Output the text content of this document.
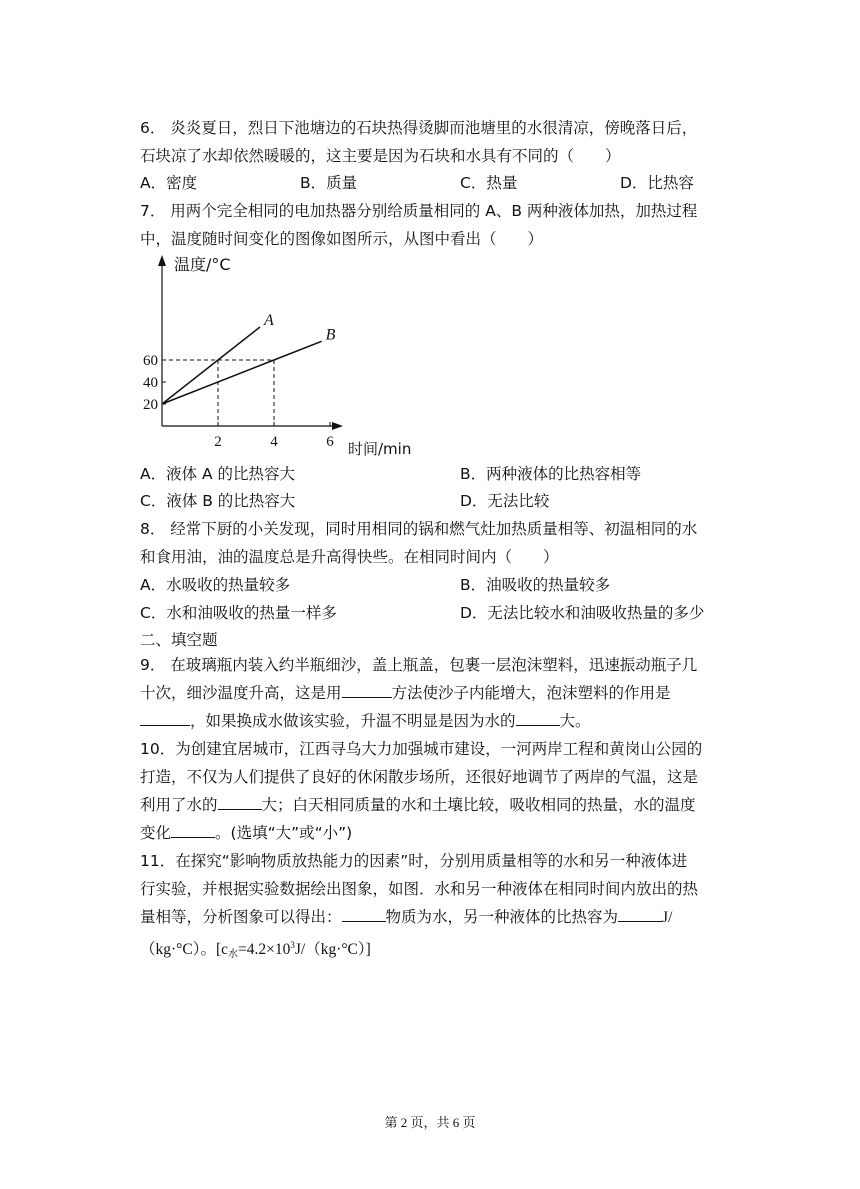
6． 炎炎夏日，烈日下池塘边的石块热得烫脚而池塘里的水很清凉，傍晚落日后，
石块凉了水却依然暖暖的，这主要是因为石块和水具有不同的（　　）
A．密度	B．质量	C．热量	D．比热容
7． 用两个完全相同的电加热器分别给质量相同的 A、B 两种液体加热，加热过程
中，温度随时间变化的图像如图所示，从图中看出（　　）
温度/°C
时间/min
2	4	6
20
40
60
A
B
A．液体 A 的比热容大	B．两种液体的比热容相等
C．液体 B 的比热容大	D．无法比较
8． 经常下厨的小关发现，同时用相同的锅和燃气灶加热质量相等、初温相同的水
和食用油，油的温度总是升高得快些。在相同时间内（　　）
A．水吸收的热量较多	B．油吸收的热量较多
C．水和油吸收的热量一样多	D．无法比较水和油吸收热量的多少
二、填空题
9． 在玻璃瓶内装入约半瓶细沙，盖上瓶盖，包裹一层泡沫塑料，迅速振动瓶子几
十次，细沙温度升高，这是用	方法使沙子内能增大，泡沫塑料的作用是
，如果换成水做该实验，升温不明显是因为水的	大。
10．为创建宜居城市，江西寻乌大力加强城市建设，一河两岸工程和黄岗山公园的
打造，不仅为人们提供了良好的休闲散步场所，还很好地调节了两岸的气温，这是
利用了水的	大；白天相同质量的水和土壤比较，吸收相同的热量，水的温度
变化	。(选填“大”或“小”)
11．在探究“影响物质放热能力的因素”时，分别用质量相等的水和另一种液体进
行实验，并根据实验数据绘出图象，如图．水和另一种液体在相同时间内放出的热
量相等，分析图象可以得出：	物质为水，另一种液体的比热容为	J/
（kg·°C）。$[c_水=4.2\times 10^3J/(kg\cdot^\circ C)]$
第 2 页，共 6 页
